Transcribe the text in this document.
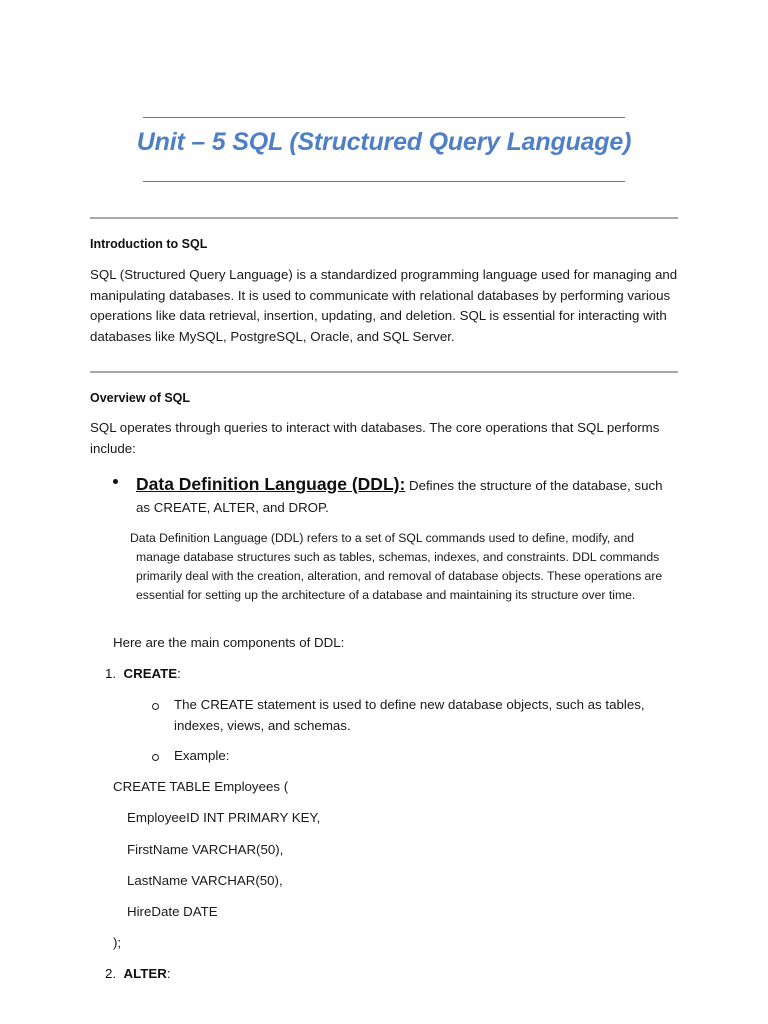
Unit – 5 SQL (Structured Query Language)
Introduction to SQL

SQL (Structured Query Language) is a standardized programming language used for managing and manipulating databases. It is used to communicate with relational databases by performing various operations like data retrieval, insertion, updating, and deletion. SQL is essential for interacting with databases like MySQL, PostgreSQL, Oracle, and SQL Server.

Overview of SQL

SQL operates through queries to interact with databases. The core operations that SQL performs include:

Data Definition Language (DDL): Defines the structure of the database, such as CREATE, ALTER, and DROP.
Data Definition Language (DDL) refers to a set of SQL commands used to define, modify, and
manage database structures such as tables, schemas, indexes, and constraints. DDL commands primarily deal with the creation, alteration, and removal of database objects. These operations are essential for setting up the architecture of a database and maintaining its structure over time.
Here are the main components of DDL:
1. CREATE:
The CREATE statement is used to define new database objects, such as tables, indexes, views, and schemas.
Example:
CREATE TABLE Employees (
EmployeeID INT PRIMARY KEY,
FirstName VARCHAR(50),
LastName VARCHAR(50),
HireDate DATE
);
2. ALTER:
